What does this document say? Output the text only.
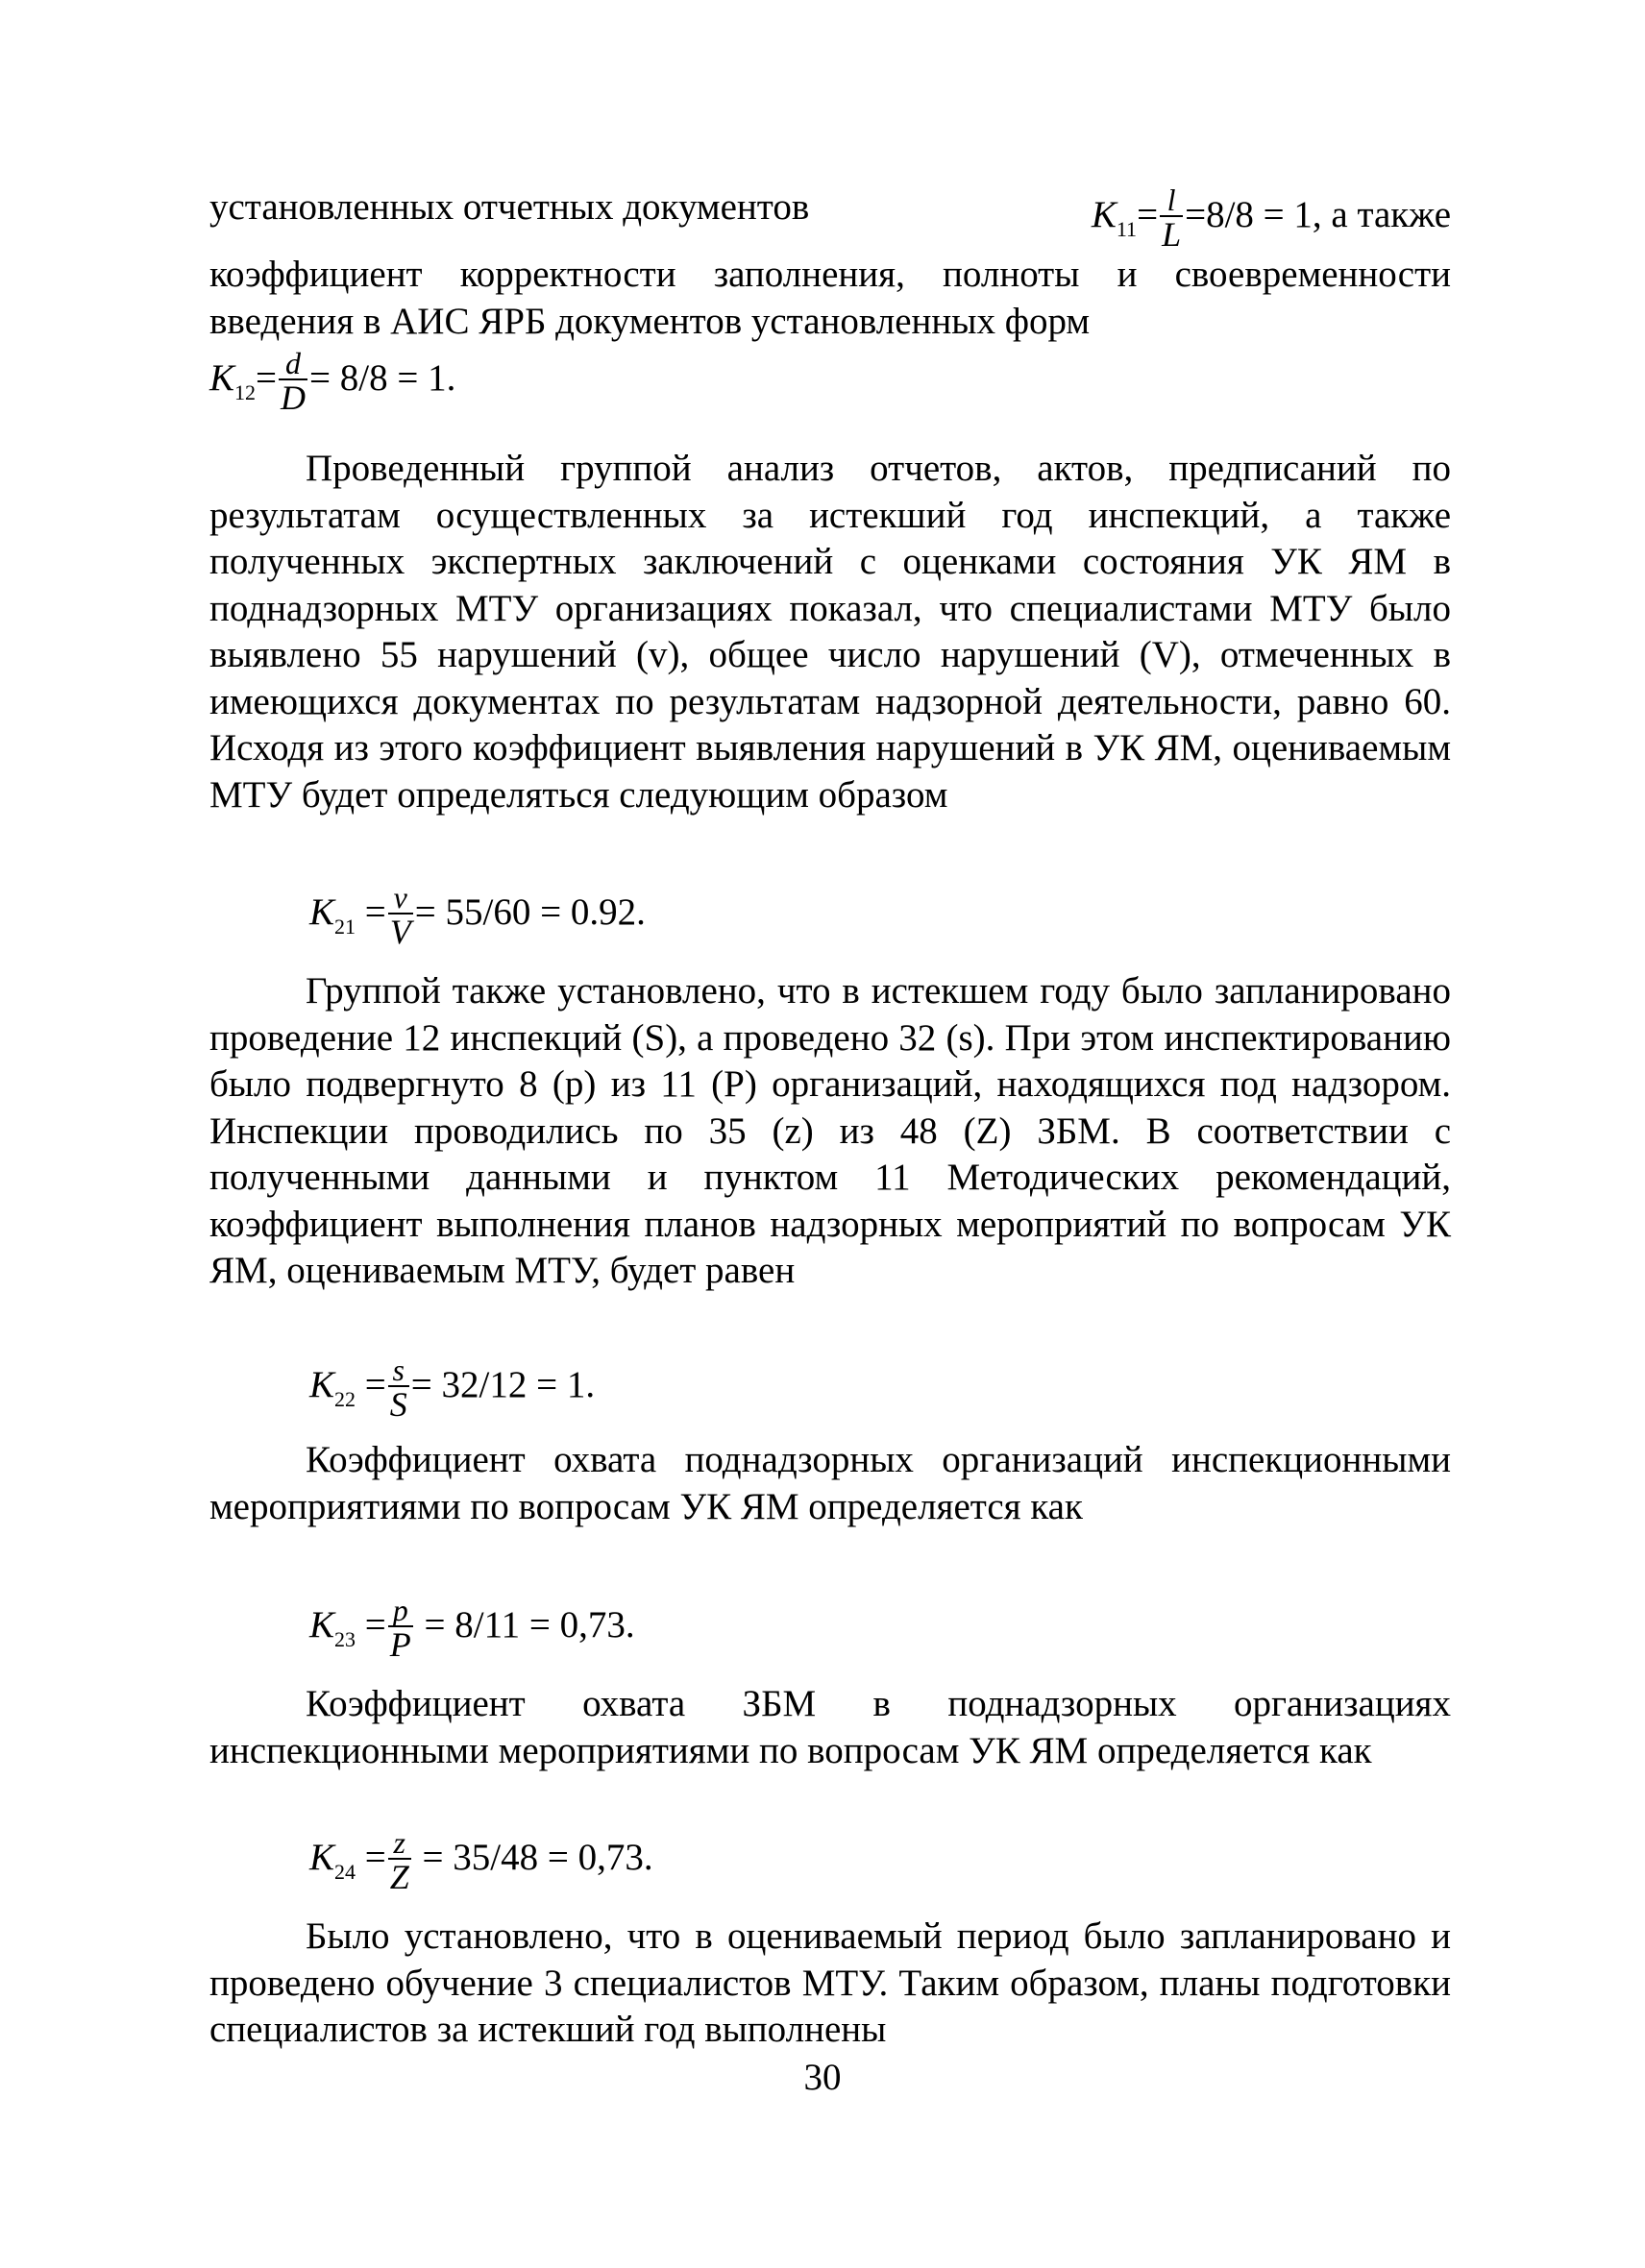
установленных отчетных документов	$K_{11}= \frac{l}{L} =8/8 = 1$, а также

коэффициент корректности заполнения, полноты и своевременности введения в АИС ЯРБ документов установленных форм

$K_{12}= \frac{d}{D} = 8/8 = 1$.

Проведенный группой анализ отчетов, актов, предписаний по результатам осуществленных за истекший год инспекций, а также полученных экспертных заключений с оценками состояния УК ЯМ в поднадзорных МТУ организациях показал, что специалистами МТУ было выявлено 55 нарушений (v), общее число нарушений (V), отмеченных в имеющихся документах по результатам надзорной деятельности, равно 60. Исходя из этого коэффициент выявления нарушений в УК ЯМ, оцениваемым МТУ будет определяться следующим образом

$K_{21} = \frac{v}{V} = 55/60 = 0.92$.

Группой также установлено, что в истекшем году было запланировано проведение 12 инспекций (S), а проведено 32 (s). При этом инспектированию было подвергнуто 8 (p) из 11 (P) организаций, находящихся под надзором. Инспекции проводились по 35 (z) из 48 (Z) ЗБМ. В соответствии с полученными данными и пунктом 11 Методических рекомендаций, коэффициент выполнения планов надзорных мероприятий по вопросам УК ЯМ, оцениваемым МТУ, будет равен

$K_{22} = \frac{s}{S} = 32/12 = 1$.

Коэффициент охвата поднадзорных организаций инспекционными мероприятиями по вопросам УК ЯМ определяется как

$K_{23} = \frac{p}{P} = 8/11 = 0,73$.

Коэффициент охвата ЗБМ в поднадзорных организациях инспекционными мероприятиями по вопросам УК ЯМ определяется как

$K_{24} = \frac{z}{Z} = 35/48 = 0,73$.

Было установлено, что в оцениваемый период было запланировано и проведено обучение 3 специалистов МТУ. Таким образом, планы подготовки специалистов за истекший год выполнены

30
